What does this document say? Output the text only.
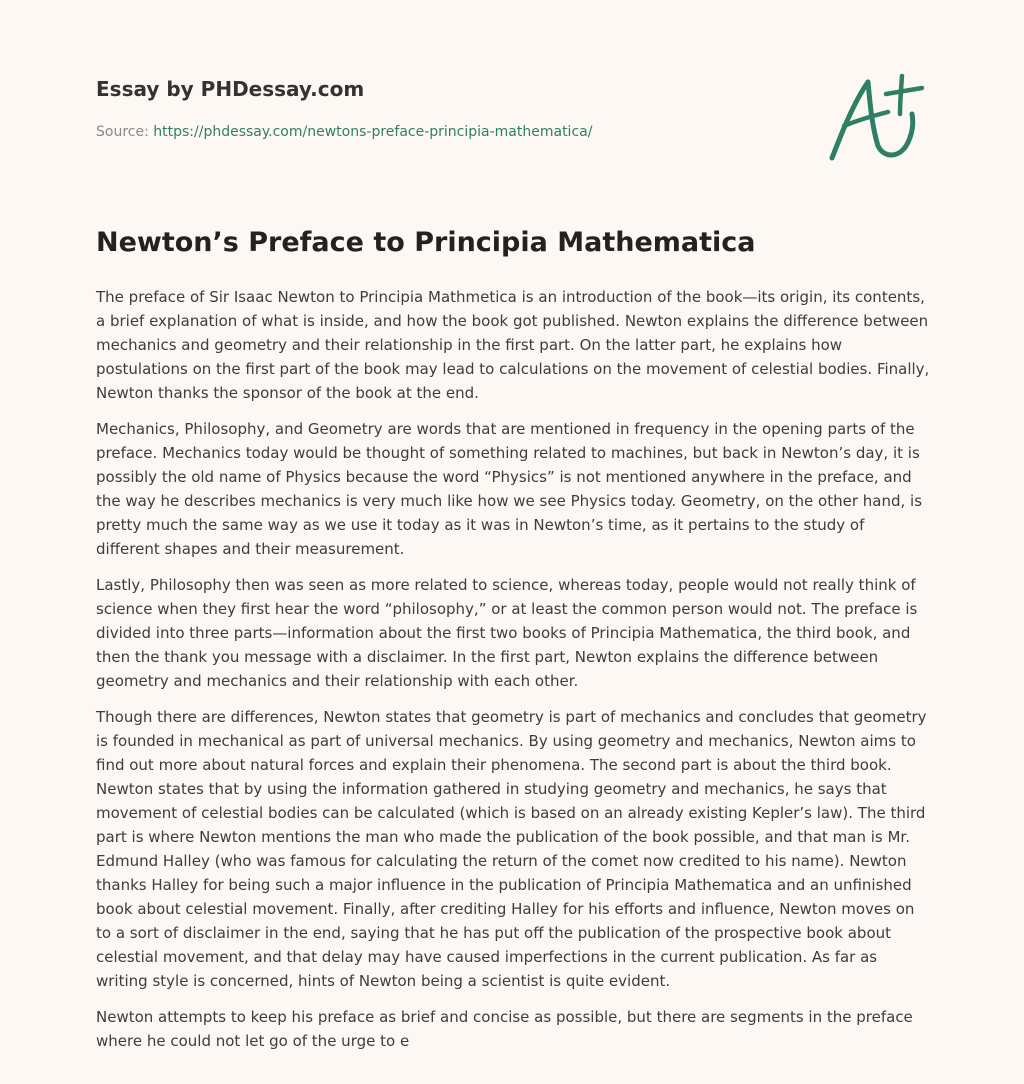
Essay by PHDessay.com
Source: https://phdessay.com/newtons-preface-principia-mathematica/
Newton’s Preface to Principia Mathematica

The preface of Sir Isaac Newton to Principia Mathmetica is an introduction of the book—its origin, its contents, a brief explanation of what is inside, and how the book got published. Newton explains the difference between mechanics and geometry and their relationship in the first part. On the latter part, he explains how postulations on the first part of the book may lead to calculations on the movement of celestial bodies. Finally, Newton thanks the sponsor of the book at the end.

Mechanics, Philosophy, and Geometry are words that are mentioned in frequency in the opening parts of the preface. Mechanics today would be thought of something related to machines, but back in Newton’s day, it is possibly the old name of Physics because the word “Physics” is not mentioned anywhere in the preface, and the way he describes mechanics is very much like how we see Physics today. Geometry, on the other hand, is pretty much the same way as we use it today as it was in Newton’s time, as it pertains to the study of different shapes and their measurement.

Lastly, Philosophy then was seen as more related to science, whereas today, people would not really think of science when they first hear the word “philosophy,” or at least the common person would not. The preface is divided into three parts—information about the first two books of Principia Mathematica, the third book, and then the thank you message with a disclaimer. In the first part, Newton explains the difference between geometry and mechanics and their relationship with each other.

Though there are differences, Newton states that geometry is part of mechanics and concludes that geometry is founded in mechanical as part of universal mechanics. By using geometry and mechanics, Newton aims to find out more about natural forces and explain their phenomena. The second part is about the third book. Newton states that by using the information gathered in studying geometry and mechanics, he says that movement of celestial bodies can be calculated (which is based on an already existing Kepler’s law). The third part is where Newton mentions the man who made the publication of the book possible, and that man is Mr. Edmund Halley (who was famous for calculating the return of the comet now credited to his name). Newton thanks Halley for being such a major influence in the publication of Principia Mathematica and an unfinished book about celestial movement. Finally, after crediting Halley for his efforts and influence, Newton moves on to a sort of disclaimer in the end, saying that he has put off the publication of the prospective book about celestial movement, and that delay may have caused imperfections in the current publication. As far as writing style is concerned, hints of Newton being a scientist is quite evident.

Newton attempts to keep his preface as brief and concise as possible, but there are segments in the preface where he could not let go of the urge to e
